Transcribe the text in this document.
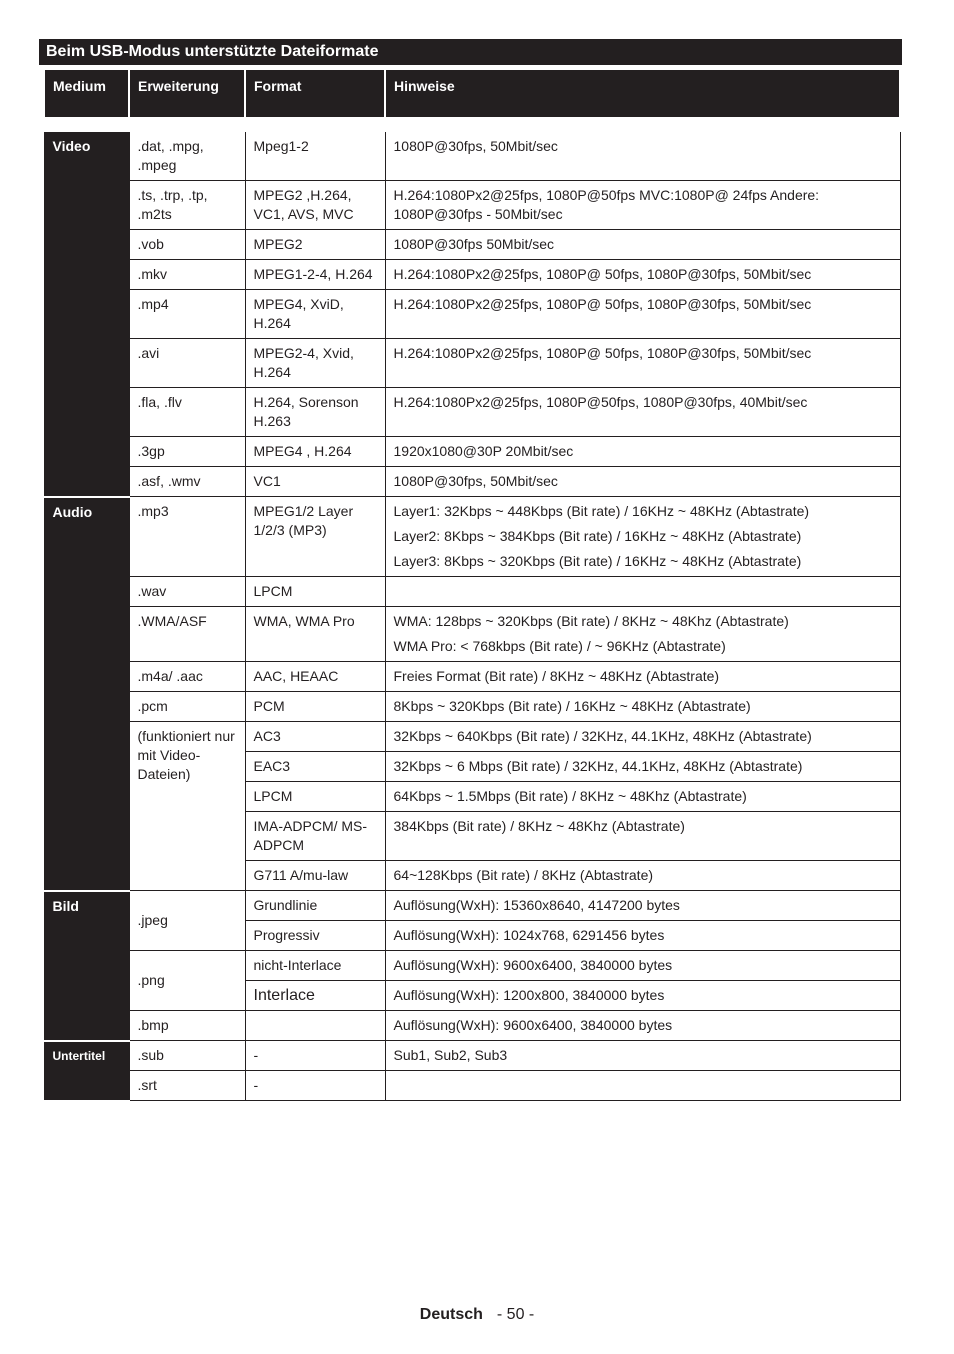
Beim USB-Modus unterstützte Dateiformate
Medium	Erweiterung	Format	Hinweise
Video	.dat, .mpg, .mpeg	Mpeg1-2	1080P@30fps, 50Mbit/sec
	.ts, .trp, .tp, .m2ts	MPEG2 ,H.264, VC1, AVS, MVC	H.264:1080Px2@25fps, 1080P@50fps MVC:1080P@ 24fps Andere: 1080P@30fps - 50Mbit/sec
	.vob	MPEG2	1080P@30fps 50Mbit/sec
	.mkv	MPEG1-2-4, H.264	H.264:1080Px2@25fps, 1080P@ 50fps, 1080P@30fps, 50Mbit/sec
	.mp4	MPEG4, XviD, H.264	H.264:1080Px2@25fps, 1080P@ 50fps, 1080P@30fps, 50Mbit/sec
	.avi	MPEG2-4, Xvid, H.264	H.264:1080Px2@25fps, 1080P@ 50fps, 1080P@30fps, 50Mbit/sec
	.fla, .flv	H.264, Sorenson H.263	H.264:1080Px2@25fps, 1080P@50fps, 1080P@30fps, 40Mbit/sec
	.3gp	MPEG4 , H.264	1920x1080@30P 20Mbit/sec
	.asf, .wmv	VC1	1080P@30fps, 50Mbit/sec
Audio	.mp3	MPEG1/2 Layer 1/2/3 (MP3)	Layer1: 32Kbps ~ 448Kbps (Bit rate) / 16KHz ~ 48KHz (Abtastrate)
Layer2: 8Kbps ~ 384Kbps (Bit rate) / 16KHz ~ 48KHz (Abtastrate)
Layer3: 8Kbps ~ 320Kbps (Bit rate) / 16KHz ~ 48KHz (Abtastrate)

	.wav	LPCM	
	.WMA/ASF	WMA, WMA Pro	WMA: 128bps ~ 320Kbps (Bit rate) / 8KHz ~ 48Khz (Abtastrate)
WMA Pro: < 768kbps (Bit rate) / ~ 96KHz (Abtastrate)

	.m4a/ .aac	AAC, HEAAC	Freies Format (Bit rate) / 8KHz ~ 48KHz (Abtastrate)
	.pcm	PCM	8Kbps ~ 320Kbps (Bit rate) / 16KHz ~ 48KHz (Abtastrate)
	(funktioniert nur mit Video-Dateien)	AC3	32Kbps ~ 640Kbps (Bit rate) / 32KHz, 44.1KHz, 48KHz (Abtastrate)
		EAC3	32Kbps ~ 6 Mbps (Bit rate) / 32KHz, 44.1KHz, 48KHz (Abtastrate)
		LPCM	64Kbps ~ 1.5Mbps (Bit rate) / 8KHz ~ 48Khz (Abtastrate)
		IMA-ADPCM/ MS-ADPCM	384Kbps (Bit rate) / 8KHz ~ 48Khz (Abtastrate)
		G711 A/mu-law	64~128Kbps (Bit rate) / 8KHz (Abtastrate)
Bild	.jpeg	Grundlinie	Auflösung(WxH): 15360x8640, 4147200 bytes
		Progressiv	Auflösung(WxH): 1024x768, 6291456 bytes
	.png	nicht-Interlace	Auflösung(WxH): 9600x6400, 3840000 bytes
		Interlace	Auflösung(WxH): 1200x800, 3840000 bytes
	.bmp		Auflösung(WxH): 9600x6400, 3840000 bytes
Untertitel	.sub	-	Sub1, Sub2, Sub3
	.srt	-	
Deutsch - 50 -
